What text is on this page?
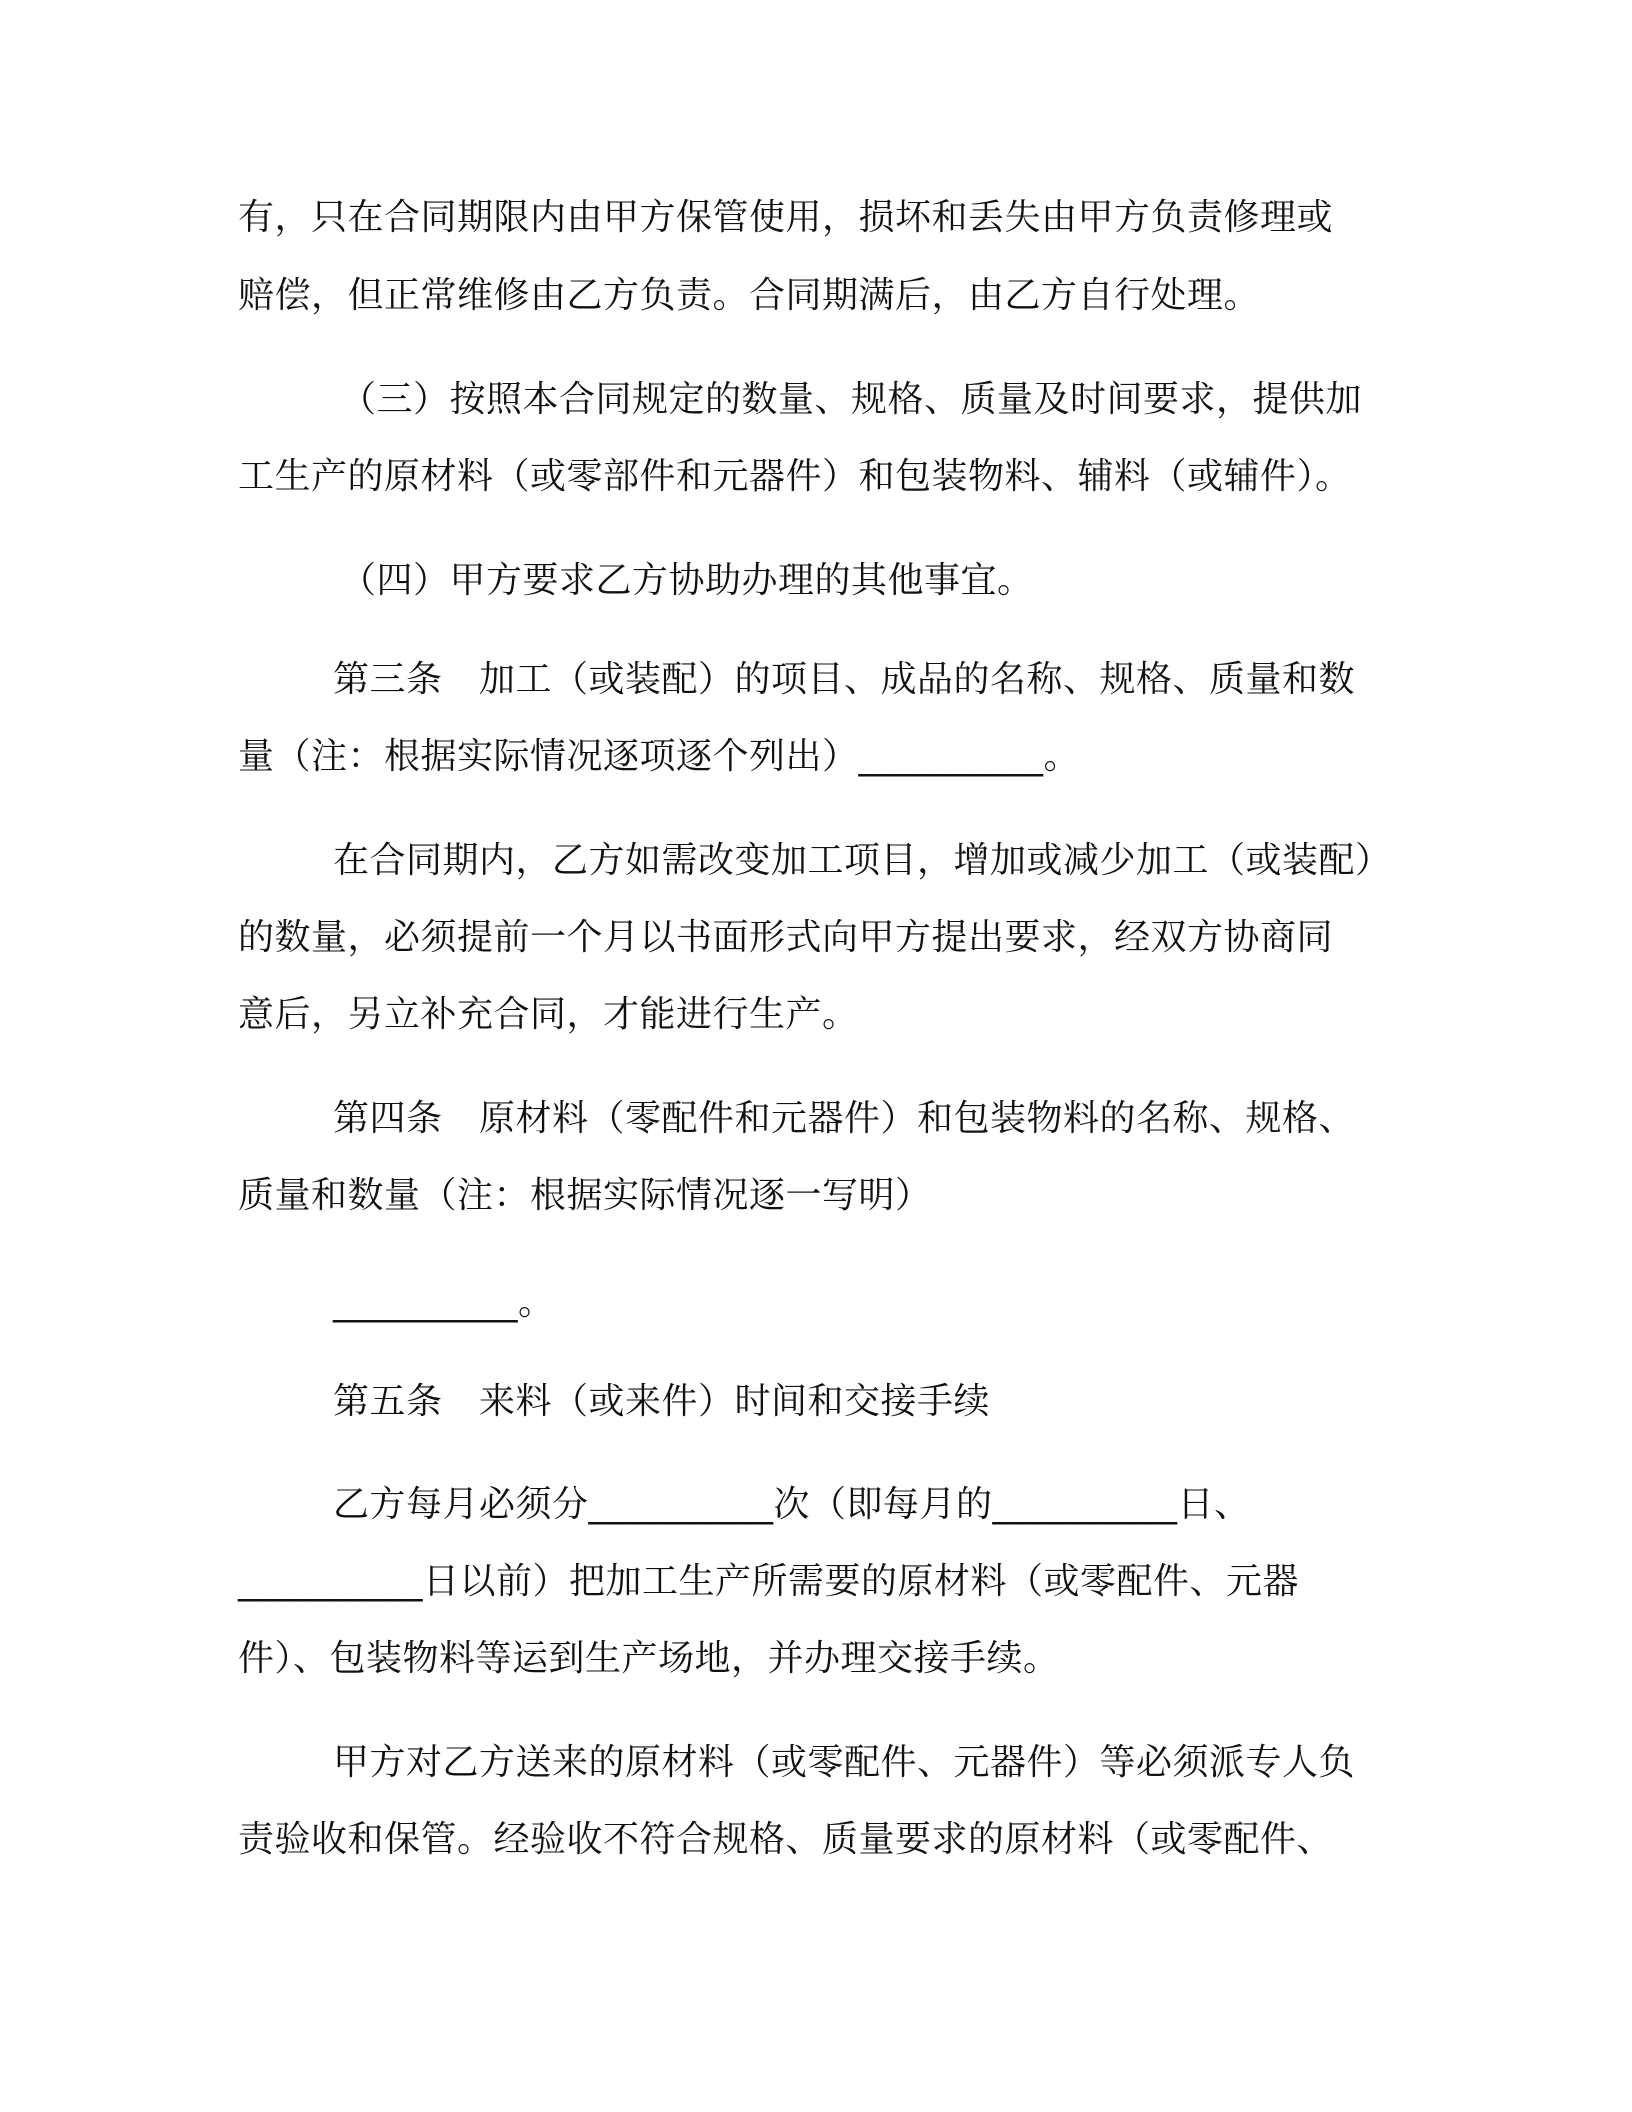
有，只在合同期限内由甲方保管使用，损坏和丢失由甲方负责修理或
赔偿，但正常维修由乙方负责。合同期满后，由乙方自行处理。
（三）按照本合同规定的数量、规格、质量及时间要求，提供加
工生产的原材料（或零部件和元器件）和包装物料、辅料（或辅件）。
（四）甲方要求乙方协助办理的其他事宜。
第三条　加工（或装配）的项目、成品的名称、规格、质量和数
量（注：根据实际情况逐项逐个列出）__________。
在合同期内，乙方如需改变加工项目，增加或减少加工（或装配）
的数量，必须提前一个月以书面形式向甲方提出要求，经双方协商同
意后，另立补充合同，才能进行生产。
第四条　原材料（零配件和元器件）和包装物料的名称、规格、
质量和数量（注：根据实际情况逐一写明）
__________。
第五条　来料（或来件）时间和交接手续
乙方每月必须分__________次（即每月的__________日、
__________日以前）把加工生产所需要的原材料（或零配件、元器
件）、包装物料等运到生产场地，并办理交接手续。
甲方对乙方送来的原材料（或零配件、元器件）等必须派专人负
责验收和保管。经验收不符合规格、质量要求的原材料（或零配件、
